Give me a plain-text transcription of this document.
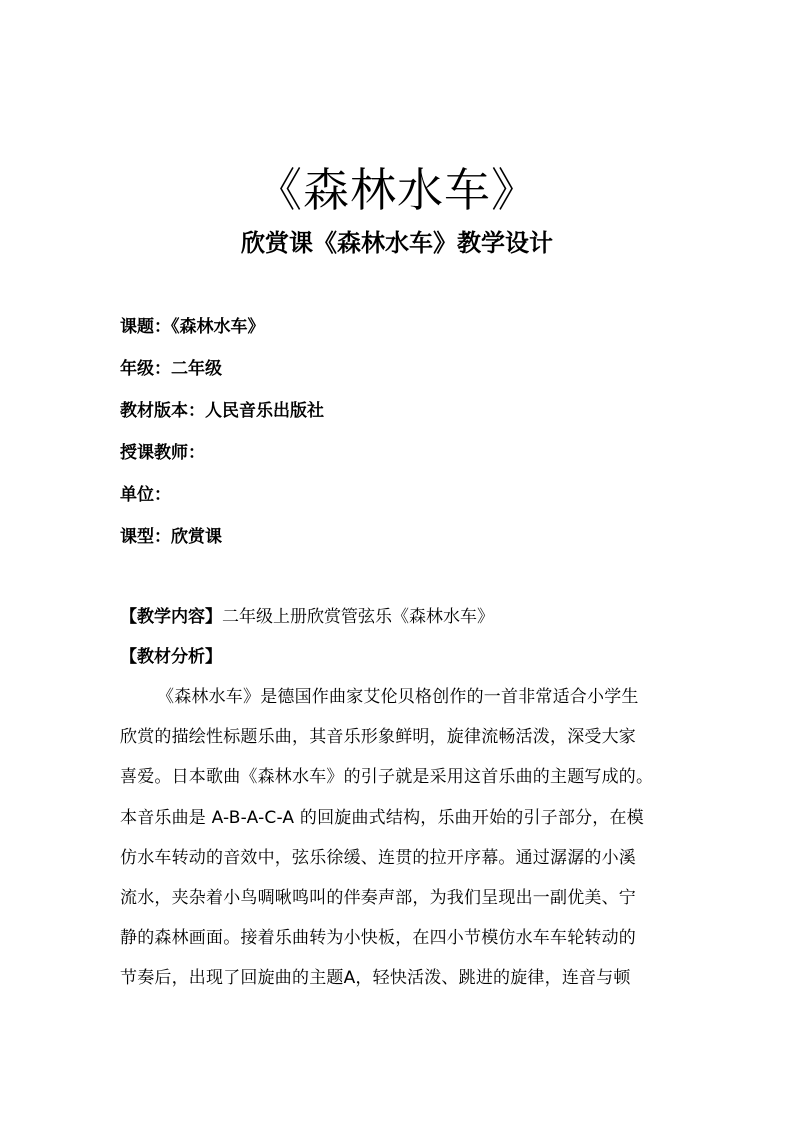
《森林水车》
欣赏课《森林水车》教学设计
课题：《森林水车》
年级：二年级
教材版本：人民音乐出版社
授课教师：
单位：
课型：欣赏课
【教学内容】二年级上册欣赏管弦乐《森林水车》
【教材分析】
《森林水车》是德国作曲家艾伦贝格创作的一首非常适合小学生
欣赏的描绘性标题乐曲，其音乐形象鲜明，旋律流畅活泼，深受大家
喜爱。日本歌曲《森林水车》的引子就是采用这首乐曲的主题写成的。
本音乐曲是 A-B-A-C-A 的回旋曲式结构，乐曲开始的引子部分，在模
仿水车转动的音效中，弦乐徐缓、连贯的拉开序幕。通过潺潺的小溪
流水，夹杂着小鸟啁啾鸣叫的伴奏声部，为我们呈现出一副优美、宁
静的森林画面。接着乐曲转为小快板，在四小节模仿水车车轮转动的
节奏后，出现了回旋曲的主题A，轻快活泼、跳进的旋律，连音与顿
